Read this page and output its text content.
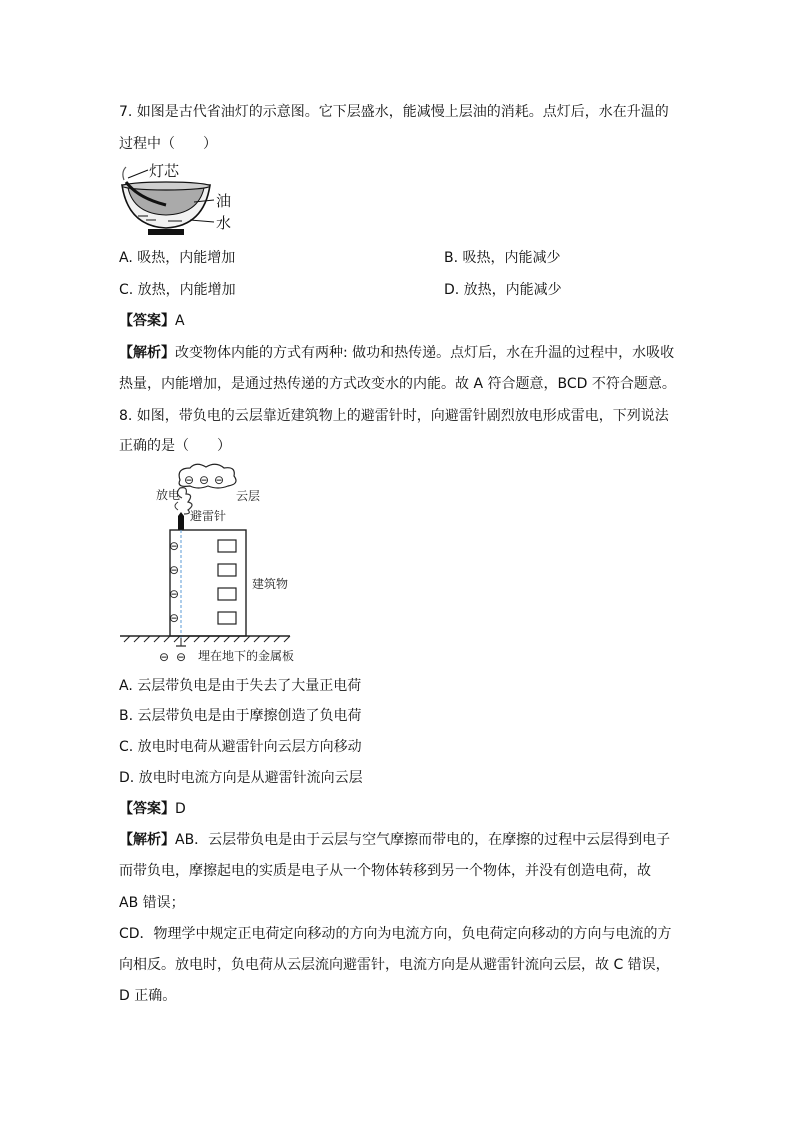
7. 如图是古代省油灯的示意图。它下层盛水，能减慢上层油的消耗。点灯后，水在升温的
过程中（　　）
灯芯
油
水
A. 吸热，内能增加	B. 吸热，内能减少
C. 放热，内能增加	D. 放热，内能减少
【答案】A
【解析】改变物体内能的方式有两种: 做功和热传递。点灯后，水在升温的过程中，水吸收
热量，内能增加，是通过热传递的方式改变水的内能。故 A 符合题意，BCD 不符合题意。
8. 如图，带负电的云层靠近建筑物上的避雷针时，向避雷针剧烈放电形成雷电，下列说法
正确的是（　　）
⊖ ⊖ ⊖
放电	云层
避雷针
⊖
⊖
⊖
⊖
建筑物
⊖ ⊖ 埋在地下的金属板
A. 云层带负电是由于失去了大量正电荷
B. 云层带负电是由于摩擦创造了负电荷
C. 放电时电荷从避雷针向云层方向移动
D. 放电时电流方向是从避雷针流向云层
【答案】D
【解析】AB．云层带负电是由于云层与空气摩擦而带电的，在摩擦的过程中云层得到电子
而带负电，摩擦起电的实质是电子从一个物体转移到另一个物体，并没有创造电荷，故
AB 错误；
CD．物理学中规定正电荷定向移动的方向为电流方向，负电荷定向移动的方向与电流的方
向相反。放电时，负电荷从云层流向避雷针，电流方向是从避雷针流向云层，故 C 错误，
D 正确。
